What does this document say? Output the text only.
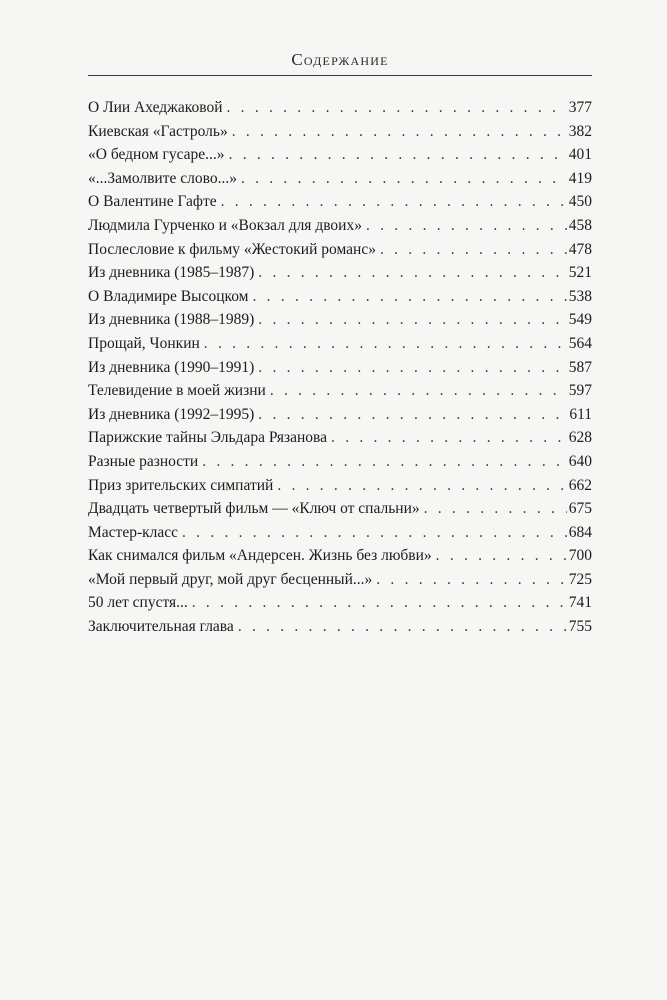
Содержание
О Лии Ахеджаковой . . .	377
Киевская «Гастроль» . . .	382
«О бедном гусаре...» . . .	401
«...Замолвите слово...» . . .	419
О Валентине Гафте . . .	450
Людмила Гурченко и «Вокзал для двоих» . . .	458
Послесловие к фильму «Жестокий романс» . . .	478
Из дневника (1985–1987) . . .	521
О Владимире Высоцком . . .	538
Из дневника (1988–1989) . . .	549
Прощай, Чонкин . . .	564
Из дневника (1990–1991) . . .	587
Телевидение в моей жизни . . .	597
Из дневника (1992–1995) . . .	611
Парижские тайны Эльдара Рязанова . . .	628
Разные разности . . .	640
Приз зрительских симпатий . . .	662
Двадцать четвертый фильм — «Ключ от спальни» . . .	675
Мастер-класс . . .	684
Как снимался фильм «Андерсен. Жизнь без любви» . . .	700
«Мой первый друг, мой друг бесценный...» . . .	725
50 лет спустя... . . .	741
Заключительная глава . . .	755
